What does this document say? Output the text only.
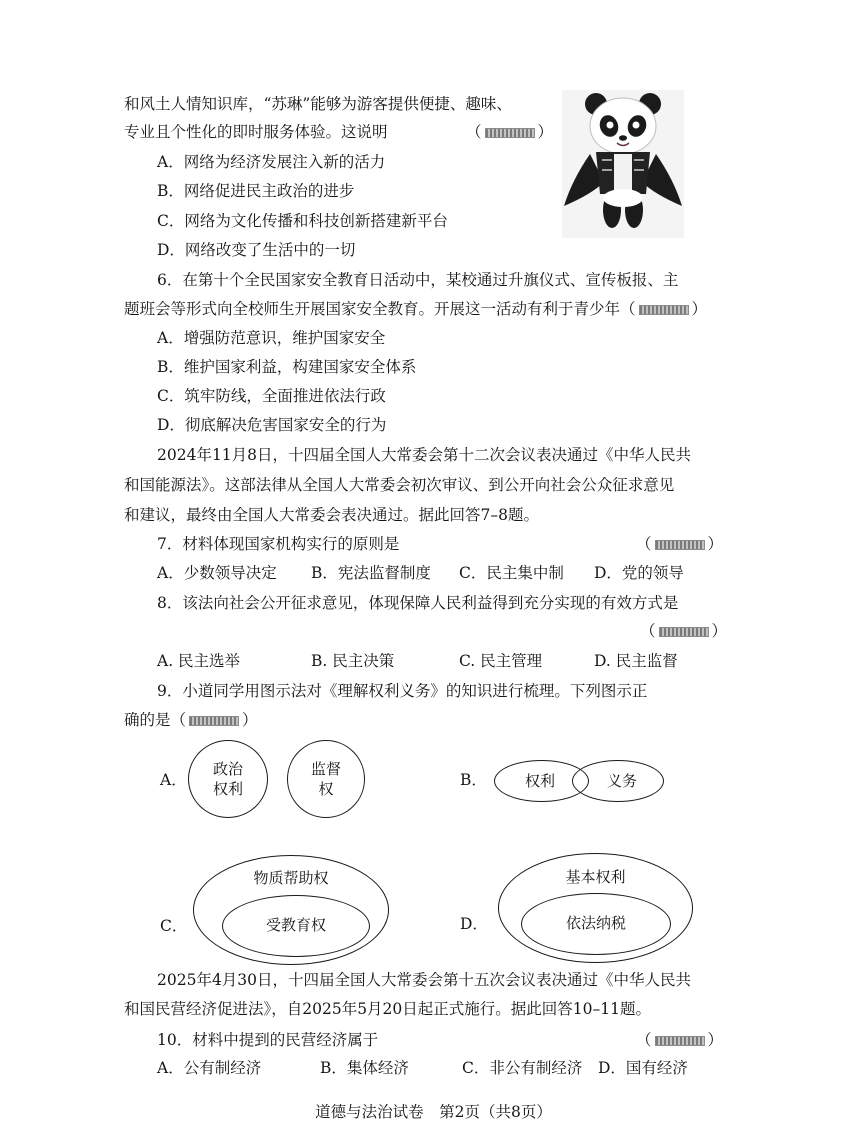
和风土人情知识库，“苏琳”能够为游客提供便捷、趣味、
专业且个性化的即时服务体验。这说明	（	）
A．网络为经济发展注入新的活力
B．网络促进民主政治的进步
C．网络为文化传播和科技创新搭建新平台
D．网络改变了生活中的一切
6．在第十个全民国家安全教育日活动中，某校通过升旗仪式、宣传板报、主
题班会等形式向全校师生开展国家安全教育。开展这一活动有利于青少年（	）
A．增强防范意识，维护国家安全
B．维护国家利益，构建国家安全体系
C．筑牢防线，全面推进依法行政
D．彻底解决危害国家安全的行为
2024年11月8日，十四届全国人大常委会第十二次会议表决通过《中华人民共
和国能源法》。这部法律从全国人大常委会初次审议、到公开向社会公众征求意见
和建议，最终由全国人大常委会表决通过。据此回答7–8题。
7．材料体现国家机构实行的原则是	（	）
A．少数领导决定 B．宪法监督制度 C．民主集中制 D．党的领导
8．该法向社会公开征求意见，体现保障人民利益得到充分实现的有效方式是
（	）
A. 民主选举	B. 民主决策	C. 民主管理	D. 民主监督
9．小道同学用图示法对《理解权利义务》的知识进行梳理。下列图示正
确的是（	）
A．
政治
权利
监督
权	B．	权利	义务
C．
物质帮助权
受教育权	D．
基本权利
依法纳税
2025年4月30日，十四届全国人大常委会第十五次会议表决通过《中华人民共
和国民营经济促进法》，自2025年5月20日起正式施行。据此回答10–11题。
10．材料中提到的民营经济属于	（	）
A．公有制经济	B．集体经济	C．非公有制经济 D．国有经济
道德与法治试卷　第2页（共8页）
